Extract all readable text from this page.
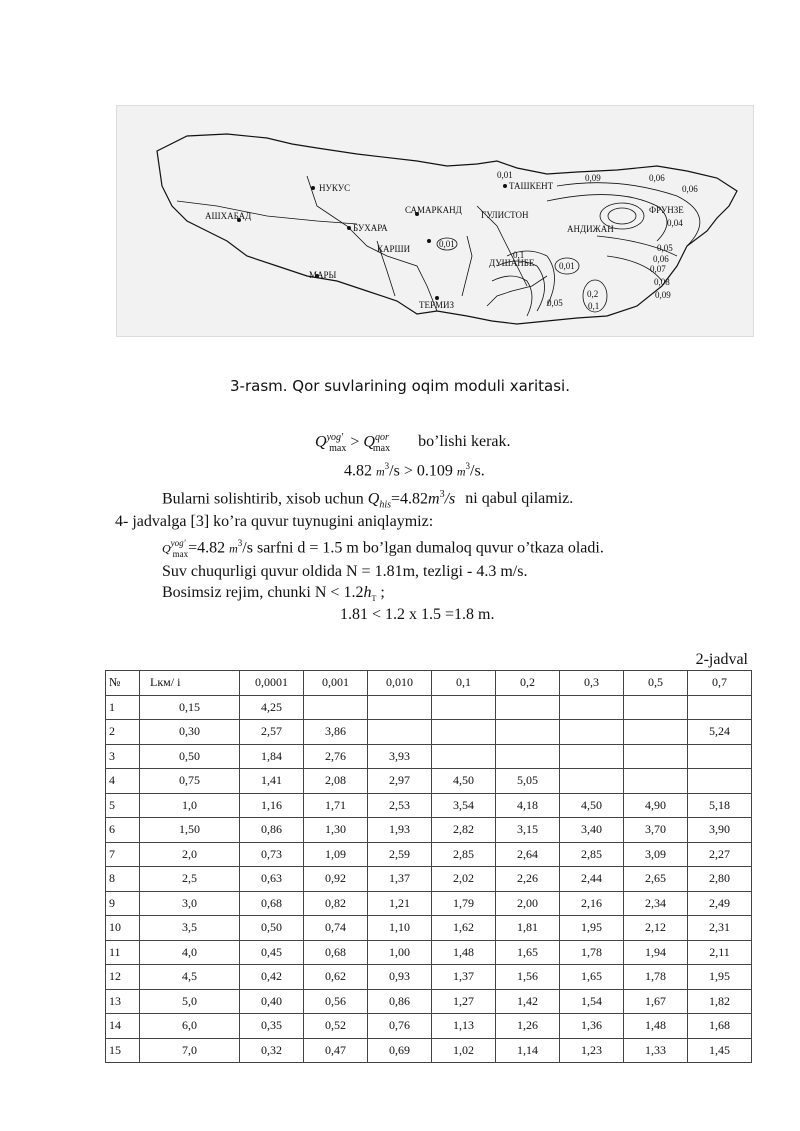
НУКУС
АШХАБАД
БУХАРА
САМАРКАНД
ТАШКЕНТ
ГУЛИСТОН
КАРШИ
МАРЫ
ТЕРМИЗ
ДУШАНБЕ
ФРУНЗЕ
АНДИЖАН
0,09	0,06
0,06
0,04
0,05
0,06
0,07
0,08
0,09
0,01
0,1
0,01
0,2
0,1
0,05
0,01
3-rasm. Qor suvlarining oqim moduli xaritasi.
$Q^{yog'}_{max} > Q^{qor}_{max}$ bo’lishi kerak.
4.82 $m^3/s > 0.109$ $m^3/s$.
Bularni solishtirib, xisob uchun $Q_{his}=4.82m^3/s$ ni qabul qilamiz.
4- jadvalga [3] ko’ra quvur tuynugini aniqlaymiz:
$Q^{yog'}_{max}=4.82$ $m^3/s$ sarfni d = 1.5 m bo’lgan dumaloq quvur o’tkaza oladi.
Suv chuqurligi quvur oldida N = 1.81m, tezligi - 4.3 m/s.
Bosimsiz rejim, chunki $N < 1.2h_T$ ;
1.81 < 1.2 x 1.5 =1.8 m.
2-jadval
№	Lкм/ i	0,0001	0,001	0,010	0,1	0,2	0,3	0,5	0,7
1	0,15	4,25							
2	0,30	2,57	3,86						5,24
3	0,50	1,84	2,76	3,93					
4	0,75	1,41	2,08	2,97	4,50	5,05			
5	1,0	1,16	1,71	2,53	3,54	4,18	4,50	4,90	5,18
6	1,50	0,86	1,30	1,93	2,82	3,15	3,40	3,70	3,90
7	2,0	0,73	1,09	2,59	2,85	2,64	2,85	3,09	2,27
8	2,5	0,63	0,92	1,37	2,02	2,26	2,44	2,65	2,80
9	3,0	0,68	0,82	1,21	1,79	2,00	2,16	2,34	2,49
10	3,5	0,50	0,74	1,10	1,62	1,81	1,95	2,12	2,31
11	4,0	0,45	0,68	1,00	1,48	1,65	1,78	1,94	2,11
12	4,5	0,42	0,62	0,93	1,37	1,56	1,65	1,78	1,95
13	5,0	0,40	0,56	0,86	1,27	1,42	1,54	1,67	1,82
14	6,0	0,35	0,52	0,76	1,13	1,26	1,36	1,48	1,68
15	7,0	0,32	0,47	0,69	1,02	1,14	1,23	1,33	1,45
